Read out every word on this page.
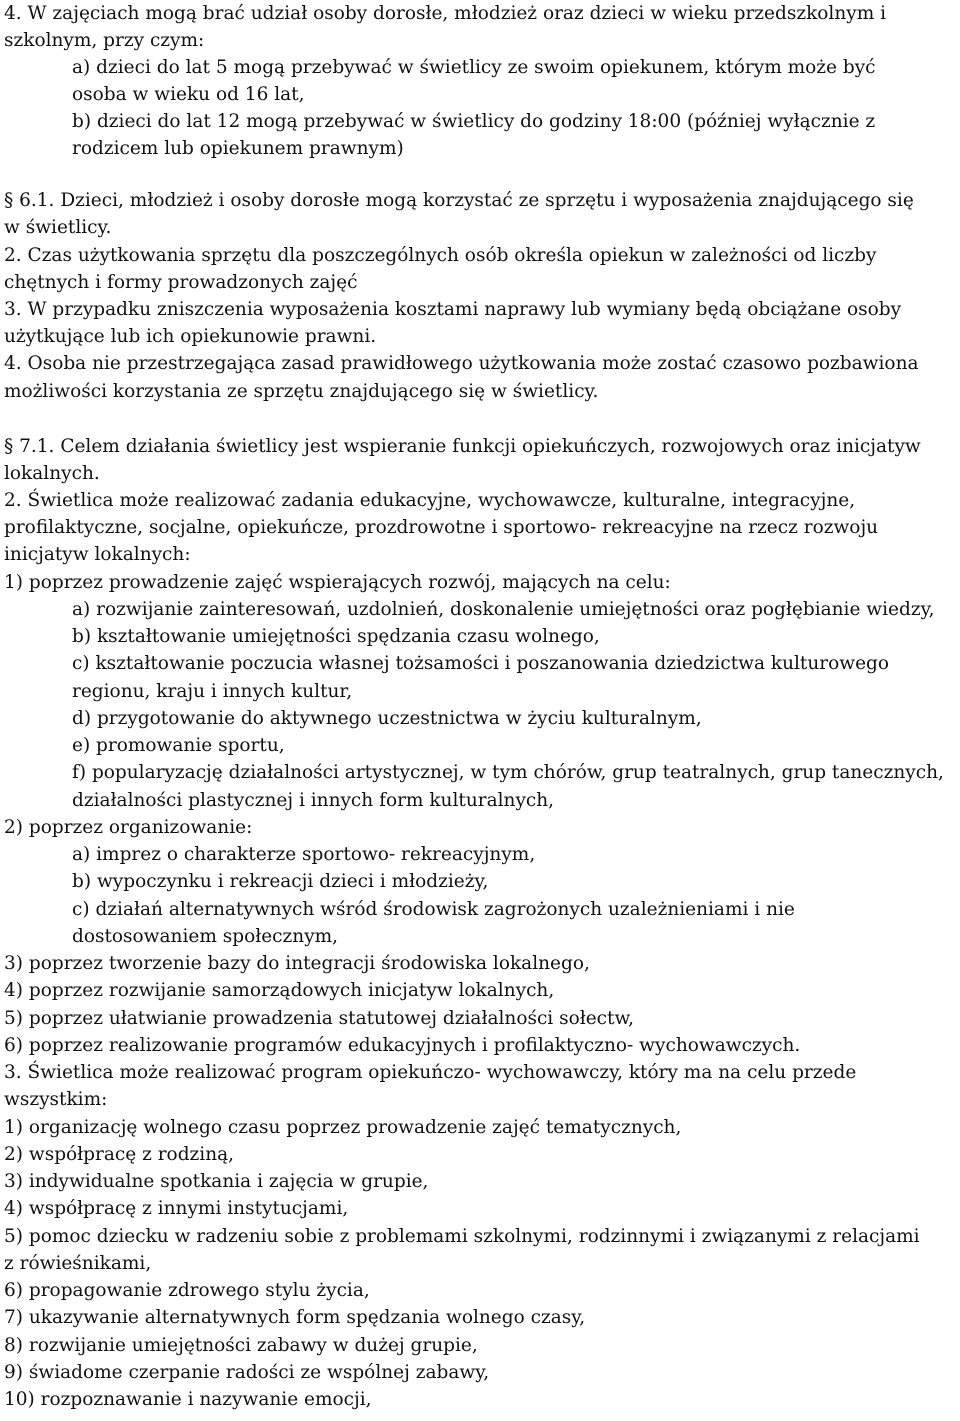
4. W zajęciach mogą brać udział osoby dorosłe, młodzież oraz dzieci w wieku przedszkolnym i
szkolnym, przy czym:
a) dzieci do lat 5 mogą przebywać w świetlicy ze swoim opiekunem, którym może być
osoba w wieku od 16 lat,
b) dzieci do lat 12 mogą przebywać w świetlicy do godziny 18:00 (później wyłącznie z
rodzicem lub opiekunem prawnym)
§ 6.1. Dzieci, młodzież i osoby dorosłe mogą korzystać ze sprzętu i wyposażenia znajdującego się
w świetlicy.
2. Czas użytkowania sprzętu dla poszczególnych osób określa opiekun w zależności od liczby
chętnych i formy prowadzonych zajęć
3. W przypadku zniszczenia wyposażenia kosztami naprawy lub wymiany będą obciążane osoby
użytkujące lub ich opiekunowie prawni.
4. Osoba nie przestrzegająca zasad prawidłowego użytkowania może zostać czasowo pozbawiona
możliwości korzystania ze sprzętu znajdującego się w świetlicy.
§ 7.1. Celem działania świetlicy jest wspieranie funkcji opiekuńczych, rozwojowych oraz inicjatyw
lokalnych.
2. Świetlica może realizować zadania edukacyjne, wychowawcze, kulturalne, integracyjne,
profilaktyczne, socjalne, opiekuńcze, prozdrowotne i sportowo- rekreacyjne na rzecz rozwoju
inicjatyw lokalnych:
1) poprzez prowadzenie zajęć wspierających rozwój, mających na celu:
a) rozwijanie zainteresowań, uzdolnień, doskonalenie umiejętności oraz pogłębianie wiedzy,
b) kształtowanie umiejętności spędzania czasu wolnego,
c) kształtowanie poczucia własnej tożsamości i poszanowania dziedzictwa kulturowego
regionu, kraju i innych kultur,
d) przygotowanie do aktywnego uczestnictwa w życiu kulturalnym,
e) promowanie sportu,
f) popularyzację działalności artystycznej, w tym chórów, grup teatralnych, grup tanecznych,
działalności plastycznej i innych form kulturalnych,
2) poprzez organizowanie:
a) imprez o charakterze sportowo- rekreacyjnym,
b) wypoczynku i rekreacji dzieci i młodzieży,
c) działań alternatywnych wśród środowisk zagrożonych uzależnieniami i nie
dostosowaniem społecznym,
3) poprzez tworzenie bazy do integracji środowiska lokalnego,
4) poprzez rozwijanie samorządowych inicjatyw lokalnych,
5) poprzez ułatwianie prowadzenia statutowej działalności sołectw,
6) poprzez realizowanie programów edukacyjnych i profilaktyczno- wychowawczych.
3. Świetlica może realizować program opiekuńczo- wychowawczy, który ma na celu przede
wszystkim:
1) organizację wolnego czasu poprzez prowadzenie zajęć tematycznych,
2) współpracę z rodziną,
3) indywidualne spotkania i zajęcia w grupie,
4) współpracę z innymi instytucjami,
5) pomoc dziecku w radzeniu sobie z problemami szkolnymi, rodzinnymi i związanymi z relacjami
z rówieśnikami,
6) propagowanie zdrowego stylu życia,
7) ukazywanie alternatywnych form spędzania wolnego czasy,
8) rozwijanie umiejętności zabawy w dużej grupie,
9) świadome czerpanie radości ze wspólnej zabawy,
10) rozpoznawanie i nazywanie emocji,
